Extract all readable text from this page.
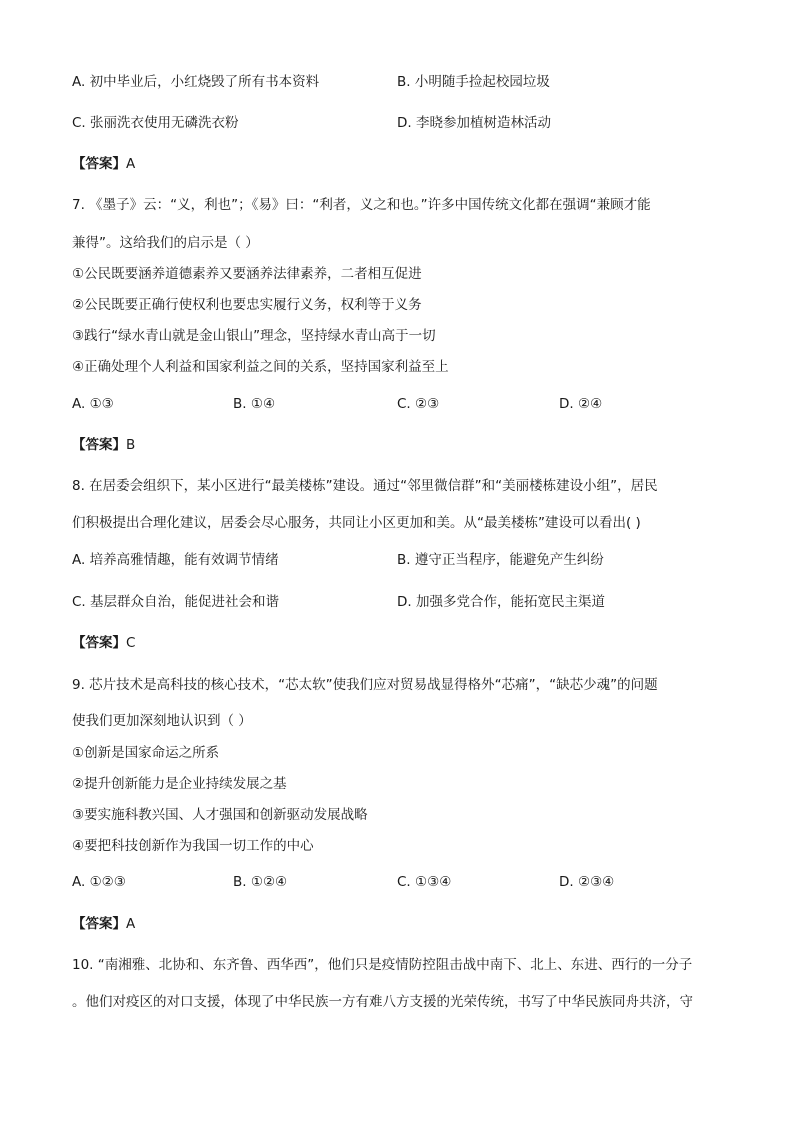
A. 初中毕业后，小红烧毁了所有书本资料	B. 小明随手捡起校园垃圾
C. 张丽洗衣使用无磷洗衣粉	D. 李晓参加植树造林活动
【答案】A
7. 《墨子》云：“义，利也”；《易》曰：“利者，义之和也。”许多中国传统文化都在强调“兼顾才能
兼得”。这给我们的启示是（ ）
①公民既要涵养道德素养又要涵养法律素养，二者相互促进
②公民既要正确行使权利也要忠实履行义务，权利等于义务
③践行“绿水青山就是金山银山”理念，坚持绿水青山高于一切
④正确处理个人利益和国家利益之间的关系，坚持国家利益至上
A. ①③	B. ①④	C. ②③	D. ②④
【答案】B
8. 在居委会组织下，某小区进行“最美楼栋”建设。通过“邻里微信群”和“美丽楼栋建设小组”，居民
们积极提出合理化建议，居委会尽心服务，共同让小区更加和美。从“最美楼栋”建设可以看出( )
A. 培养高雅情趣，能有效调节情绪	B. 遵守正当程序，能避免产生纠纷
C. 基层群众自治，能促进社会和谐	D. 加强多党合作，能拓宽民主渠道
【答案】C
9. 芯片技术是高科技的核心技术，“芯太软”使我们应对贸易战显得格外“芯痛”，“缺芯少魂”的问题
使我们更加深刻地认识到（ ）
①创新是国家命运之所系
②提升创新能力是企业持续发展之基
③要实施科教兴国、人才强国和创新驱动发展战略
④要把科技创新作为我国一切工作的中心
A. ①②③	B. ①②④	C. ①③④	D. ②③④
【答案】A
10. “南湘雅、北协和、东齐鲁、西华西”，他们只是疫情防控阻击战中南下、北上、东进、西行的一分子
。他们对疫区的对口支援，体现了中华民族一方有难八方支援的光荣传统，书写了中华民族同舟共济，守
